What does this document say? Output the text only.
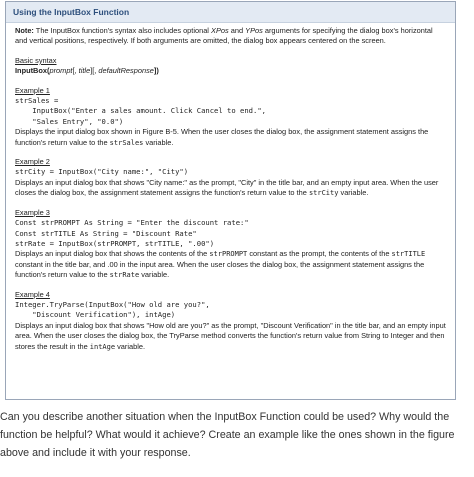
Using the InputBox Function
Note: The InputBox function's syntax also includes optional XPos and YPos arguments for specifying the dialog box's horizontal and vertical positions, respectively. If both arguments are omitted, the dialog box appears centered on the screen.
Basic syntax
InputBox(prompt[, title][, defaultResponse])
Example 1
strSales =
InputBox("Enter a sales amount. Click Cancel to end.",
"Sales Entry", "0.0")
Displays the input dialog box shown in Figure B-5. When the user closes the dialog box, the assignment statement assigns the function's return value to the strSales variable.
Example 2
strCity = InputBox("City name:", "City")
Displays an input dialog box that shows "City name:" as the prompt, "City" in the title bar, and an empty input area. When the user closes the dialog box, the assignment statement assigns the function's return value to the strCity variable.
Example 3
Const strPROMPT As String = "Enter the discount rate:"
Const strTITLE As String = "Discount Rate"
strRate = InputBox(strPROMPT, strTITLE, ".00")
Displays an input dialog box that shows the contents of the strPROMPT constant as the prompt, the contents of the strTITLE constant in the title bar, and .00 in the input area. When the user closes the dialog box, the assignment statement assigns the function's return value to the strRate variable.
Example 4
Integer.TryParse(InputBox("How old are you?",
"Discount Verification"), intAge)
Displays an input dialog box that shows "How old are you?" as the prompt, "Discount Verification" in the title bar, and an empty input area. When the user closes the dialog box, the TryParse method converts the function's return value from String to Integer and then stores the result in the intAge variable.
Can you describe another situation when the InputBox Function could be used? Why would the function be helpful? What would it achieve? Create an example like the ones shown in the figure above and include it with your response.
